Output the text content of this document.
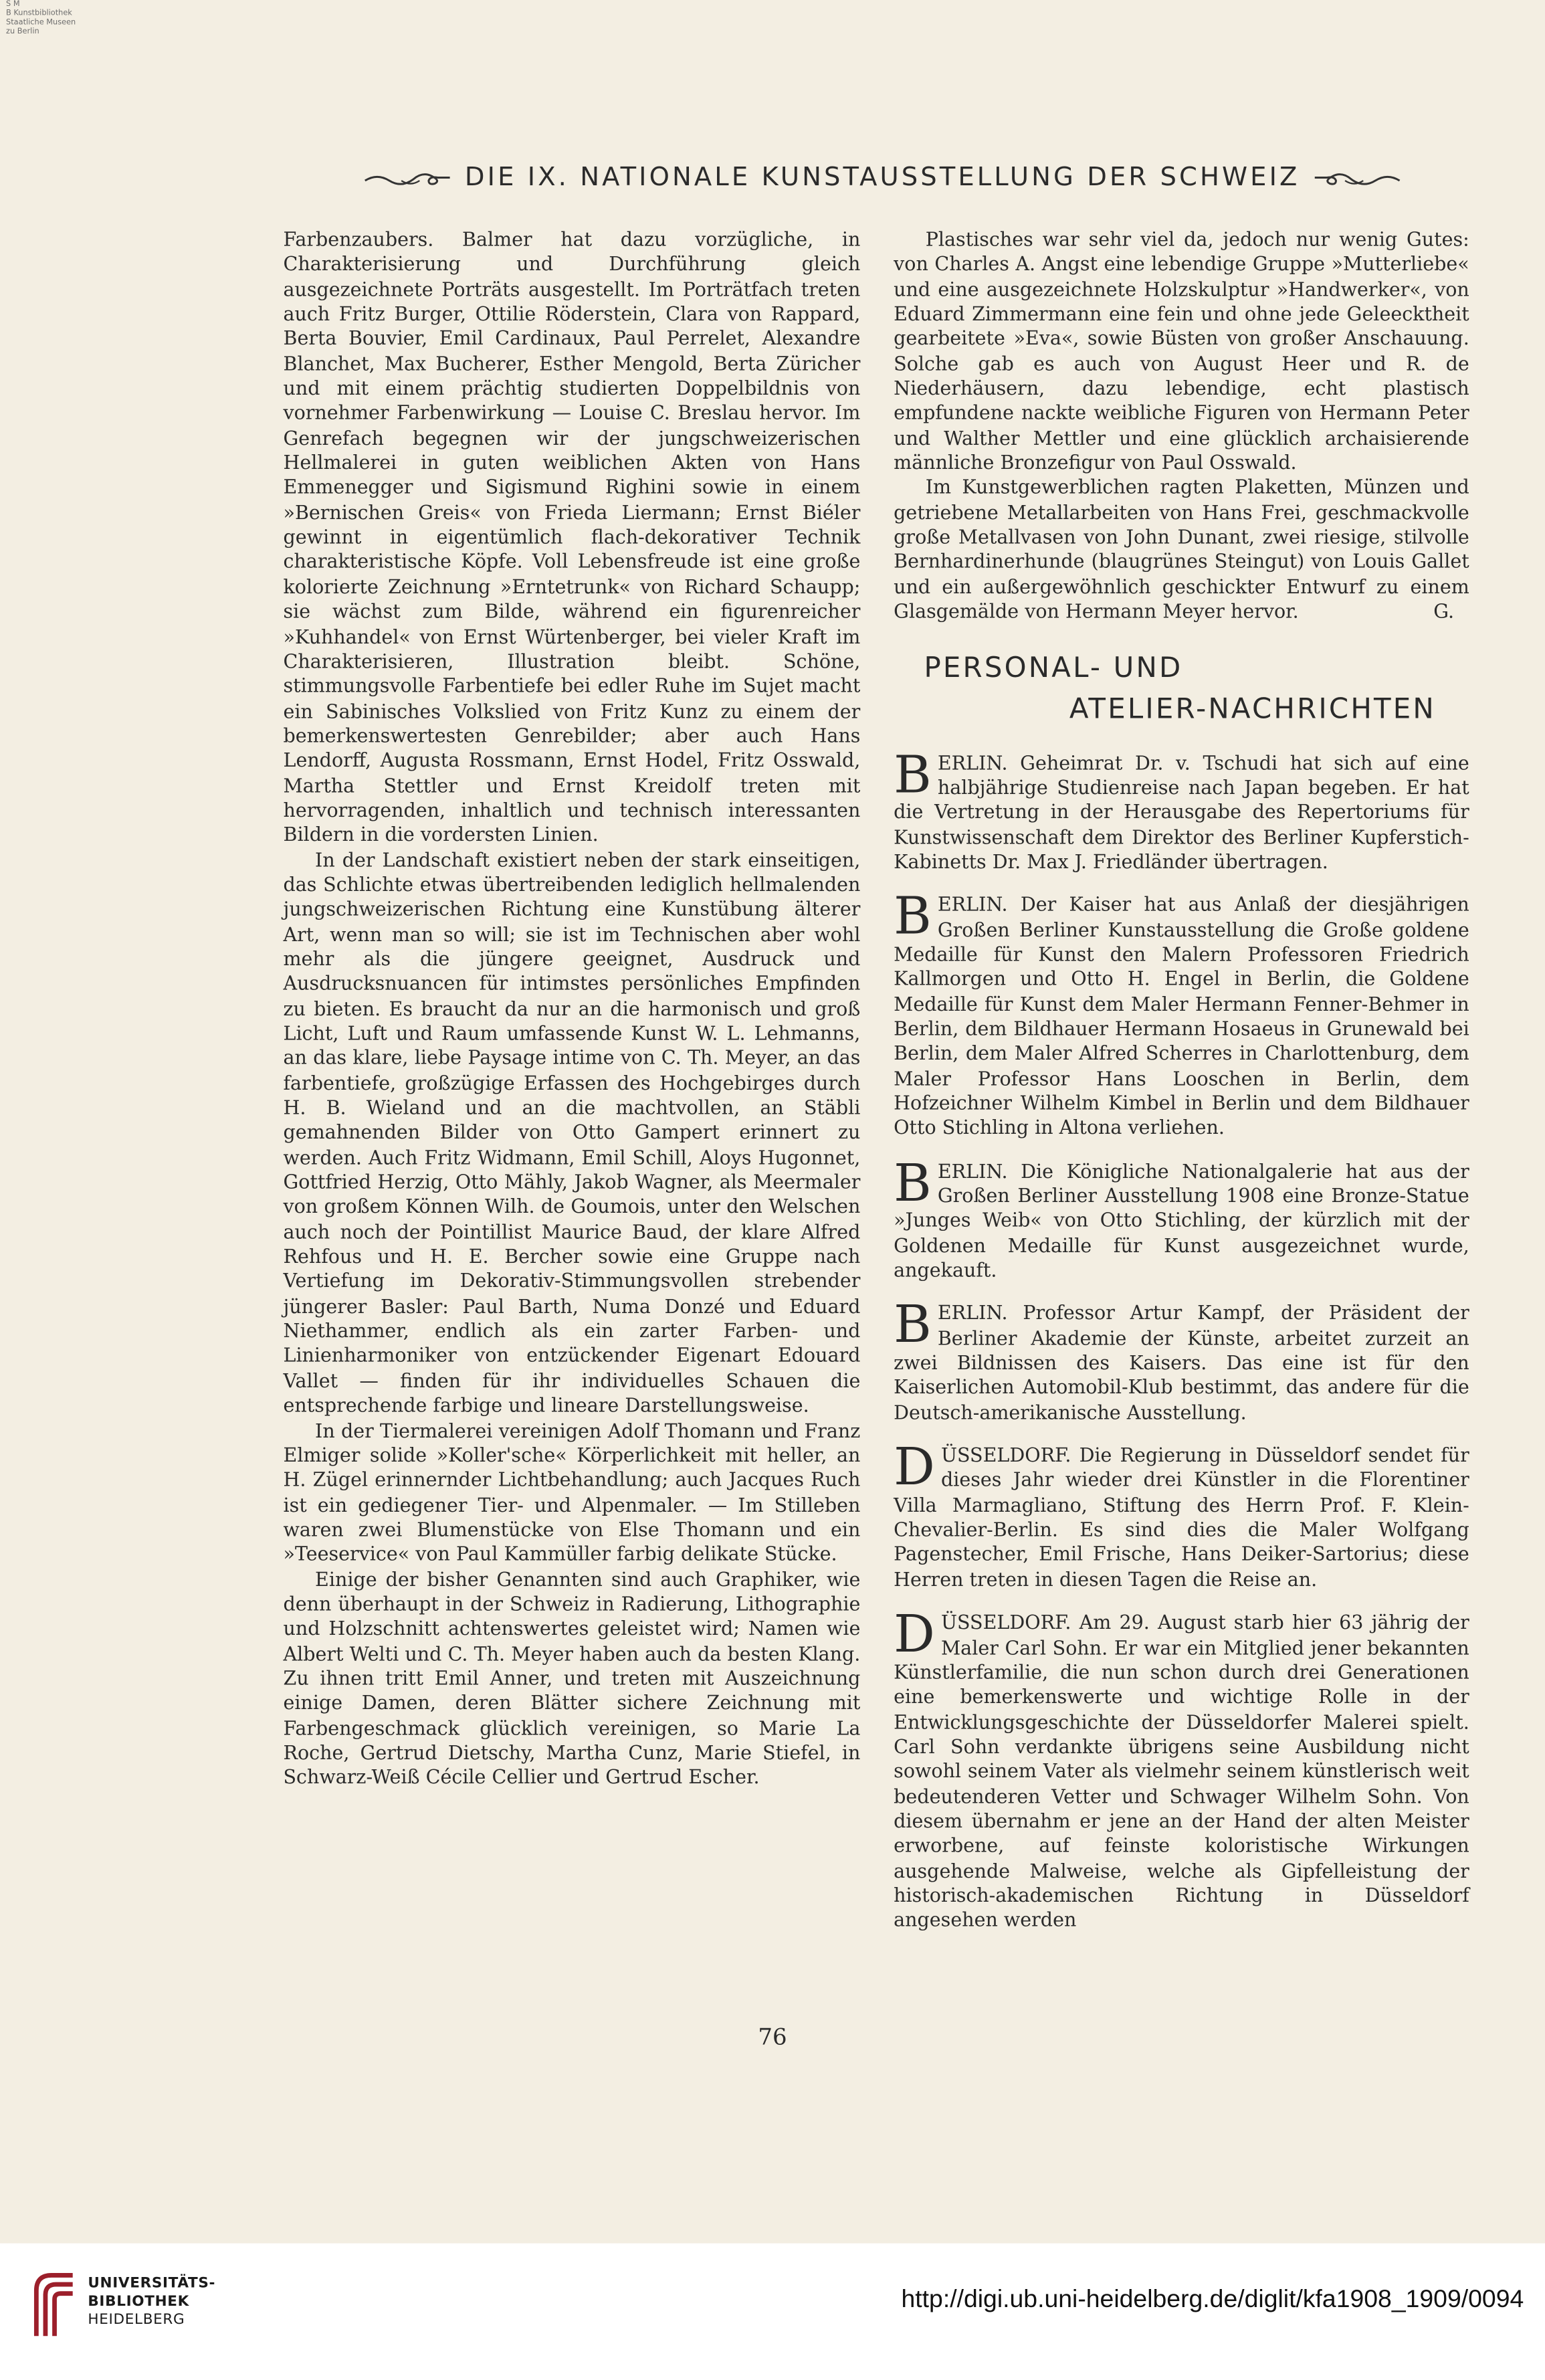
S M
B Kunstbibliothek
Staatliche Museen
zu Berlin
DIE IX. NATIONALE KUNSTAUSSTELLUNG DER SCHWEIZ

Farbenzaubers. Balmer hat dazu vorzügliche, in Charakterisierung und Durchführung gleich ausgezeichnete Porträts ausgestellt. Im Porträtfach treten auch Fritz Burger, Ottilie Röderstein, Clara von Rappard, Berta Bouvier, Emil Cardinaux, Paul Perrelet, Alexandre Blanchet, Max Bucherer, Esther Mengold, Berta Züricher und mit einem prächtig studierten Doppelbildnis von vornehmer Farbenwirkung — Louise C. Breslau hervor. Im Genrefach begegnen wir der jungschweizerischen Hellmalerei in guten weiblichen Akten von Hans Emmenegger und Sigismund Righini sowie in einem »Bernischen Greis« von Frieda Liermann; Ernst Biéler gewinnt in eigentümlich flach-dekorativer Technik charakteristische Köpfe. Voll Lebensfreude ist eine große kolorierte Zeichnung »Erntetrunk« von Richard Schaupp; sie wächst zum Bilde, während ein figurenreicher »Kuhhandel« von Ernst Würtenberger, bei vieler Kraft im Charakterisieren, Illustration bleibt. Schöne, stimmungsvolle Farbentiefe bei edler Ruhe im Sujet macht ein Sabinisches Volkslied von Fritz Kunz zu einem der bemerkenswertesten Genrebilder; aber auch Hans Lendorff, Augusta Rossmann, Ernst Hodel, Fritz Osswald, Martha Stettler und Ernst Kreidolf treten mit hervorragenden, inhaltlich und technisch interessanten Bildern in die vordersten Linien.

In der Landschaft existiert neben der stark einseitigen, das Schlichte etwas übertreibenden lediglich hellmalenden jungschweizerischen Richtung eine Kunstübung älterer Art, wenn man so will; sie ist im Technischen aber wohl mehr als die jüngere geeignet, Ausdruck und Ausdrucksnuancen für intimstes persönliches Empfinden zu bieten. Es braucht da nur an die harmonisch und groß Licht, Luft und Raum umfassende Kunst W. L. Lehmanns, an das klare, liebe Paysage intime von C. Th. Meyer, an das farbentiefe, großzügige Erfassen des Hochgebirges durch H. B. Wieland und an die machtvollen, an Stäbli gemahnenden Bilder von Otto Gampert erinnert zu werden. Auch Fritz Widmann, Emil Schill, Aloys Hugonnet, Gottfried Herzig, Otto Mähly, Jakob Wagner, als Meermaler von großem Können Wilh. de Goumois, unter den Welschen auch noch der Pointillist Maurice Baud, der klare Alfred Rehfous und H. E. Bercher sowie eine Gruppe nach Vertiefung im Dekorativ-Stimmungsvollen strebender jüngerer Basler: Paul Barth, Numa Donzé und Eduard Niethammer, endlich als ein zarter Farben- und Linienharmoniker von entzückender Eigenart Edouard Vallet — finden für ihr individuelles Schauen die entsprechende farbige und lineare Darstellungsweise.

In der Tiermalerei vereinigen Adolf Thomann und Franz Elmiger solide »Koller'sche« Körperlichkeit mit heller, an H. Zügel erinnernder Lichtbehandlung; auch Jacques Ruch ist ein gediegener Tier- und Alpenmaler. — Im Stilleben waren zwei Blumenstücke von Else Thomann und ein »Teeservice« von Paul Kammüller farbig delikate Stücke.

Einige der bisher Genannten sind auch Graphiker, wie denn überhaupt in der Schweiz in Radierung, Lithographie und Holzschnitt achtenswertes geleistet wird; Namen wie Albert Welti und C. Th. Meyer haben auch da besten Klang. Zu ihnen tritt Emil Anner, und treten mit Auszeichnung einige Damen, deren Blätter sichere Zeichnung mit Farbengeschmack glücklich vereinigen, so Marie La Roche, Gertrud Dietschy, Martha Cunz, Marie Stiefel, in Schwarz-Weiß Cécile Cellier und Gertrud Escher.

Plastisches war sehr viel da, jedoch nur wenig Gutes: von Charles A. Angst eine lebendige Gruppe »Mutterliebe« und eine ausgezeichnete Holzskulptur »Handwerker«, von Eduard Zimmermann eine fein und ohne jede Geleecktheit gearbeitete »Eva«, sowie Büsten von großer Anschauung. Solche gab es auch von August Heer und R. de Niederhäusern, dazu lebendige, echt plastisch empfundene nackte weibliche Figuren von Hermann Peter und Walther Mettler und eine glücklich archaisierende männliche Bronzefigur von Paul Osswald.

Im Kunstgewerblichen ragten Plaketten, Münzen und getriebene Metallarbeiten von Hans Frei, geschmackvolle große Metallvasen von John Dunant, zwei riesige, stilvolle Bernhardinerhunde (blaugrünes Steingut) von Louis Gallet und ein außergewöhnlich geschickter Entwurf zu einem Glasgemälde von Hermann Meyer hervor.	G.

PERSONAL- UND
ATELIER-NACHRICHTEN

BERLIN. Geheimrat Dr. v. Tschudi hat sich auf eine halbjährige Studienreise nach Japan begeben. Er hat die Vertretung in der Herausgabe des Repertoriums für Kunstwissenschaft dem Direktor des Berliner Kupferstich-Kabinetts Dr. Max J. Friedländer übertragen.

BERLIN. Der Kaiser hat aus Anlaß der diesjährigen Großen Berliner Kunstausstellung die Große goldene Medaille für Kunst den Malern Professoren Friedrich Kallmorgen und Otto H. Engel in Berlin, die Goldene Medaille für Kunst dem Maler Hermann Fenner-Behmer in Berlin, dem Bildhauer Hermann Hosaeus in Grunewald bei Berlin, dem Maler Alfred Scherres in Charlottenburg, dem Maler Professor Hans Looschen in Berlin, dem Hofzeichner Wilhelm Kimbel in Berlin und dem Bildhauer Otto Stichling in Altona verliehen.

BERLIN. Die Königliche Nationalgalerie hat aus der Großen Berliner Ausstellung 1908 eine Bronze-Statue »Junges Weib« von Otto Stichling, der kürzlich mit der Goldenen Medaille für Kunst ausgezeichnet wurde, angekauft.

BERLIN. Professor Artur Kampf, der Präsident der Berliner Akademie der Künste, arbeitet zurzeit an zwei Bildnissen des Kaisers. Das eine ist für den Kaiserlichen Automobil-Klub bestimmt, das andere für die Deutsch-amerikanische Ausstellung.

DÜSSELDORF. Die Regierung in Düsseldorf sendet für dieses Jahr wieder drei Künstler in die Florentiner Villa Marmagliano, Stiftung des Herrn Prof. F. Klein-Chevalier-Berlin. Es sind dies die Maler Wolfgang Pagenstecher, Emil Frische, Hans Deiker-Sartorius; diese Herren treten in diesen Tagen die Reise an.

DÜSSELDORF. Am 29. August starb hier 63 jährig der Maler Carl Sohn. Er war ein Mitglied jener bekannten Künstlerfamilie, die nun schon durch drei Generationen eine bemerkenswerte und wichtige Rolle in der Entwicklungsgeschichte der Düsseldorfer Malerei spielt. Carl Sohn verdankte übrigens seine Ausbildung nicht sowohl seinem Vater als vielmehr seinem künstlerisch weit bedeutenderen Vetter und Schwager Wilhelm Sohn. Von diesem übernahm er jene an der Hand der alten Meister erworbene, auf feinste koloristische Wirkungen ausgehende Malweise, welche als Gipfelleistung der historisch-akademischen Richtung in Düsseldorf angesehen werden

76
UNIVERSITÄTS-
BIBLIOTHEK
HEIDELBERG
http://digi.ub.uni-heidelberg.de/diglit/kfa1908_1909/0094
